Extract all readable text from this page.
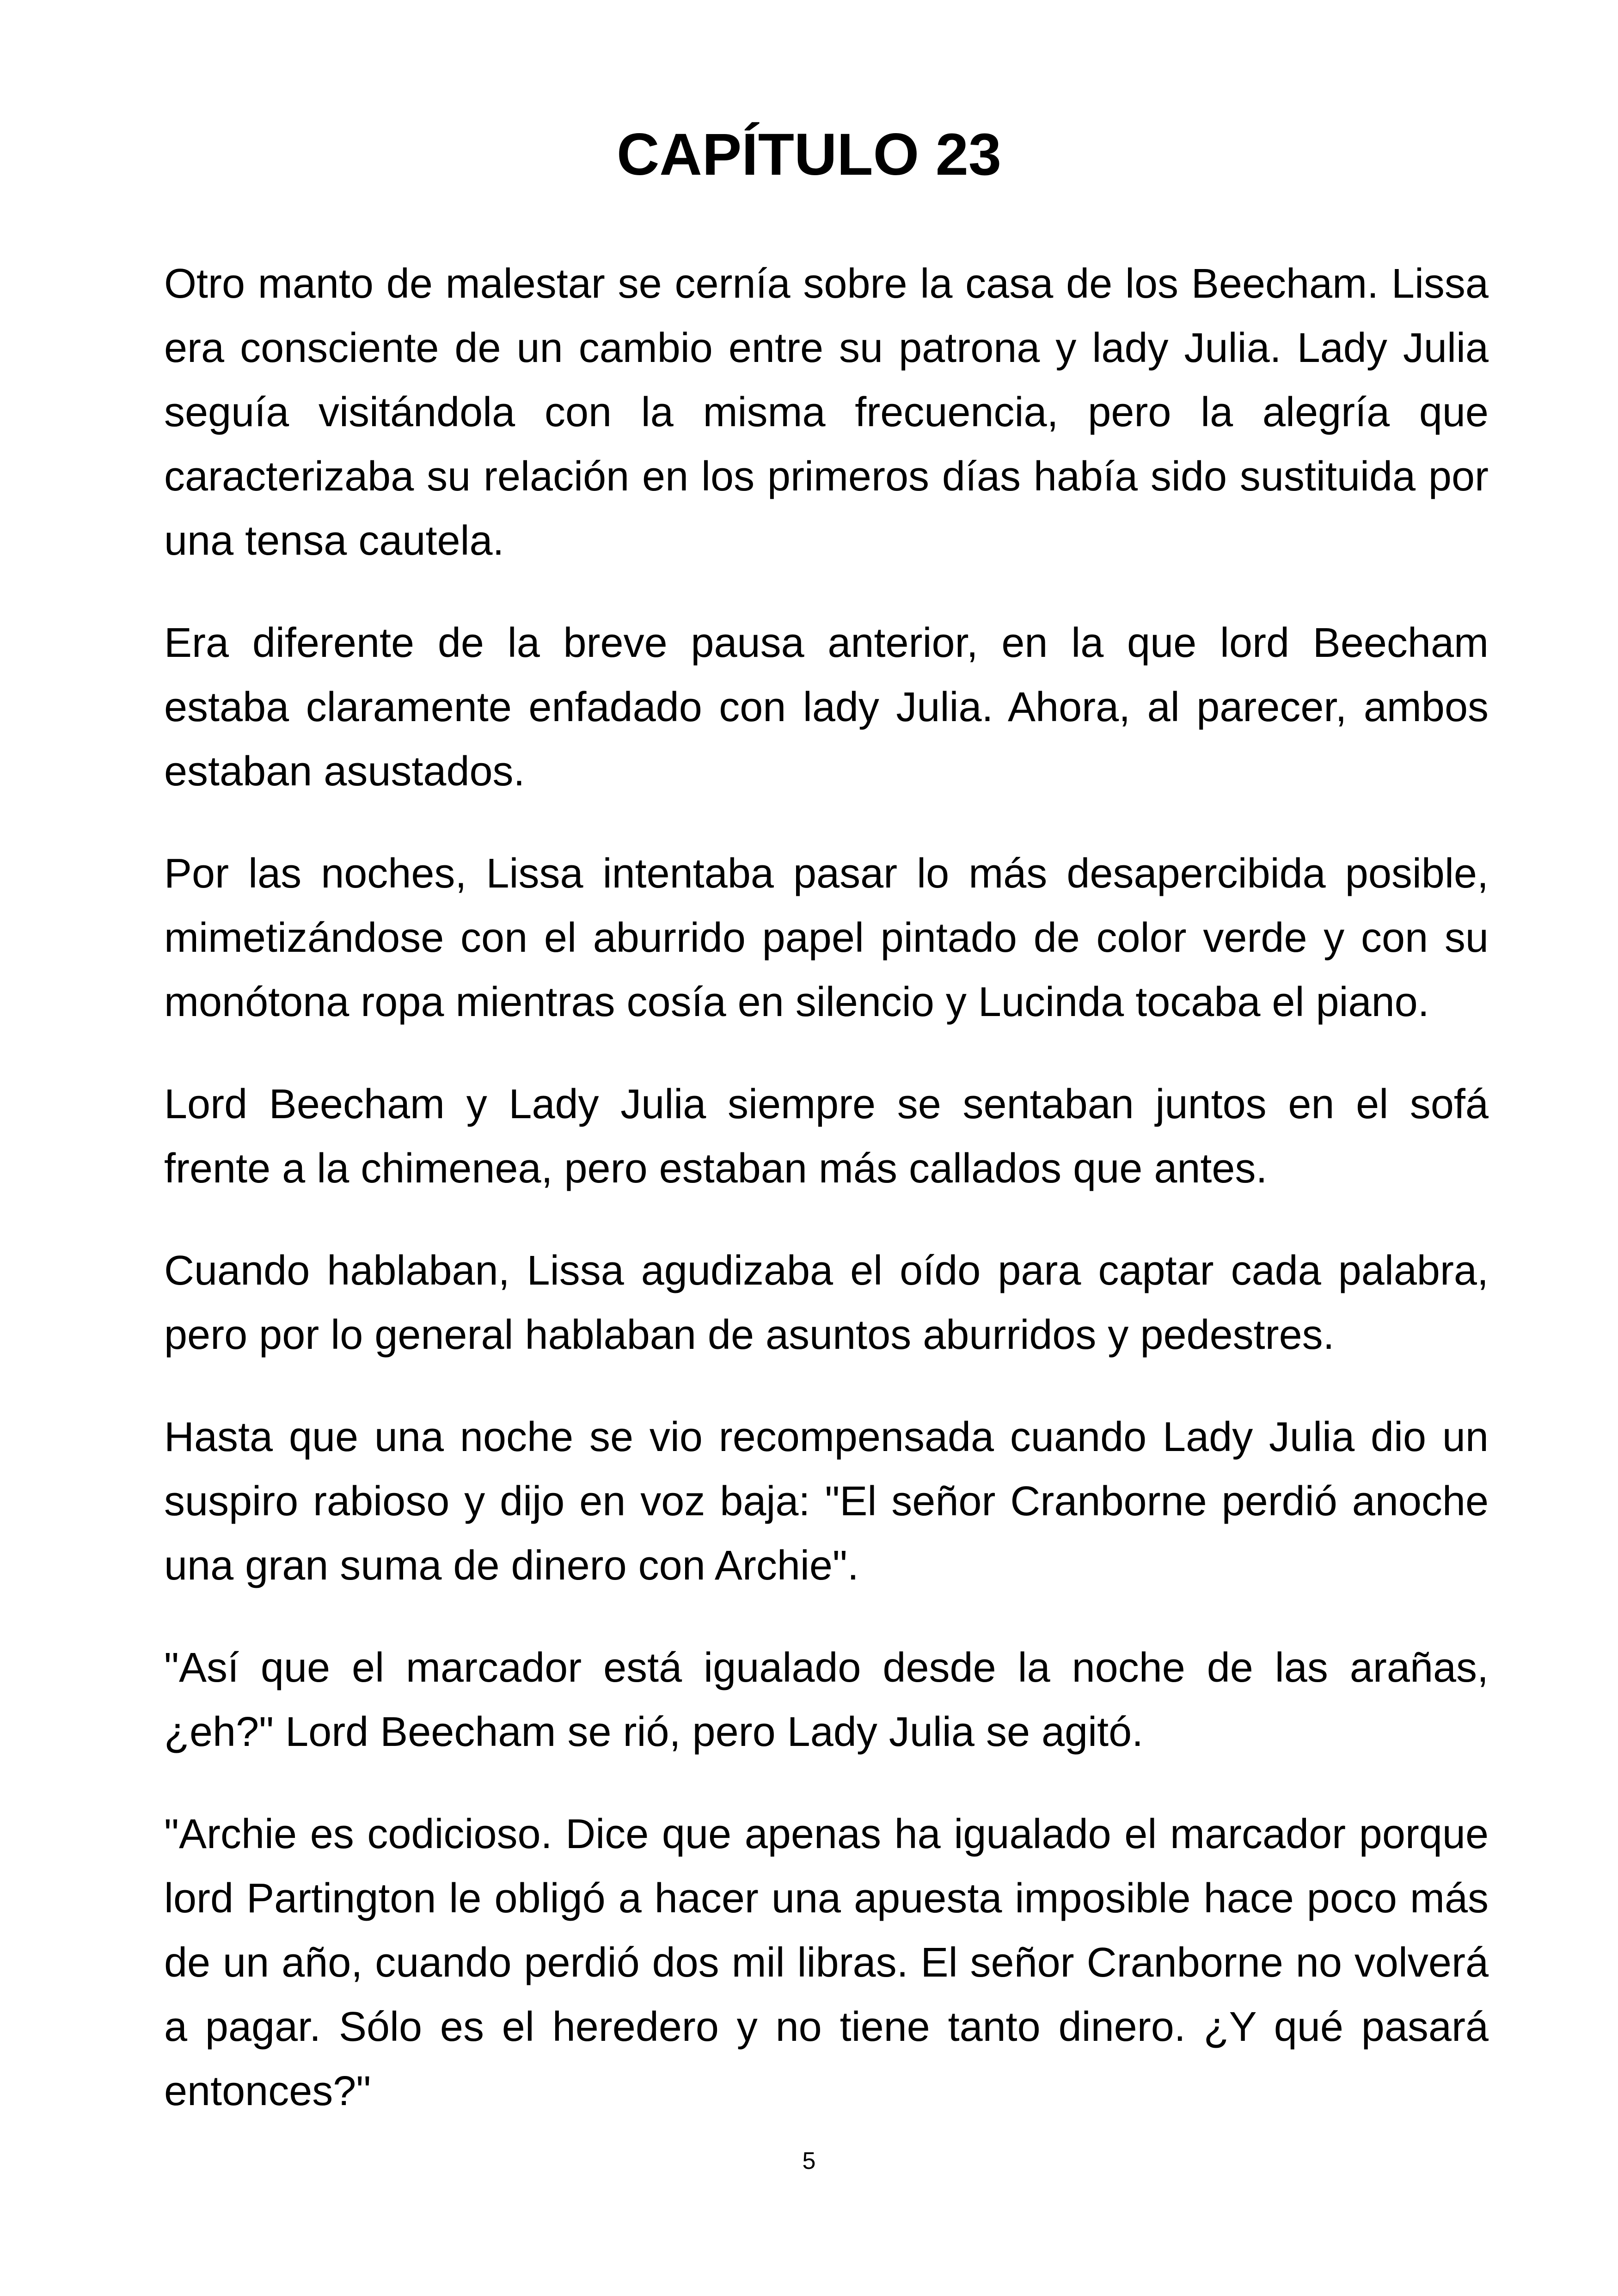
CAPÍTULO 23

Otro manto de malestar se cernía sobre la casa de los Beecham. Lissa era consciente de un cambio entre su patrona y lady Julia. Lady Julia seguía visitándola con la misma frecuencia, pero la alegría que caracterizaba su relación en los primeros días había sido sustituida por una tensa cautela.

Era diferente de la breve pausa anterior, en la que lord Beecham estaba claramente enfadado con lady Julia. Ahora, al parecer, ambos estaban asustados.

Por las noches, Lissa intentaba pasar lo más desapercibida posible, mimetizándose con el aburrido papel pintado de color verde y con su monótona ropa mientras cosía en silencio y Lucinda tocaba el piano.

Lord Beecham y Lady Julia siempre se sentaban juntos en el sofá frente a la chimenea, pero estaban más callados que antes.

Cuando hablaban, Lissa agudizaba el oído para captar cada palabra, pero por lo general hablaban de asuntos aburridos y pedestres.

Hasta que una noche se vio recompensada cuando Lady Julia dio un suspiro rabioso y dijo en voz baja: "El señor Cranborne perdió anoche una gran suma de dinero con Archie".

"Así que el marcador está igualado desde la noche de las arañas, ¿eh?" Lord Beecham se rió, pero Lady Julia se agitó.

"Archie es codicioso. Dice que apenas ha igualado el marcador porque lord Partington le obligó a hacer una apuesta imposible hace poco más de un año, cuando perdió dos mil libras. El señor Cranborne no volverá a pagar. Sólo es el heredero y no tiene tanto dinero. ¿Y qué pasará entonces?"

5
